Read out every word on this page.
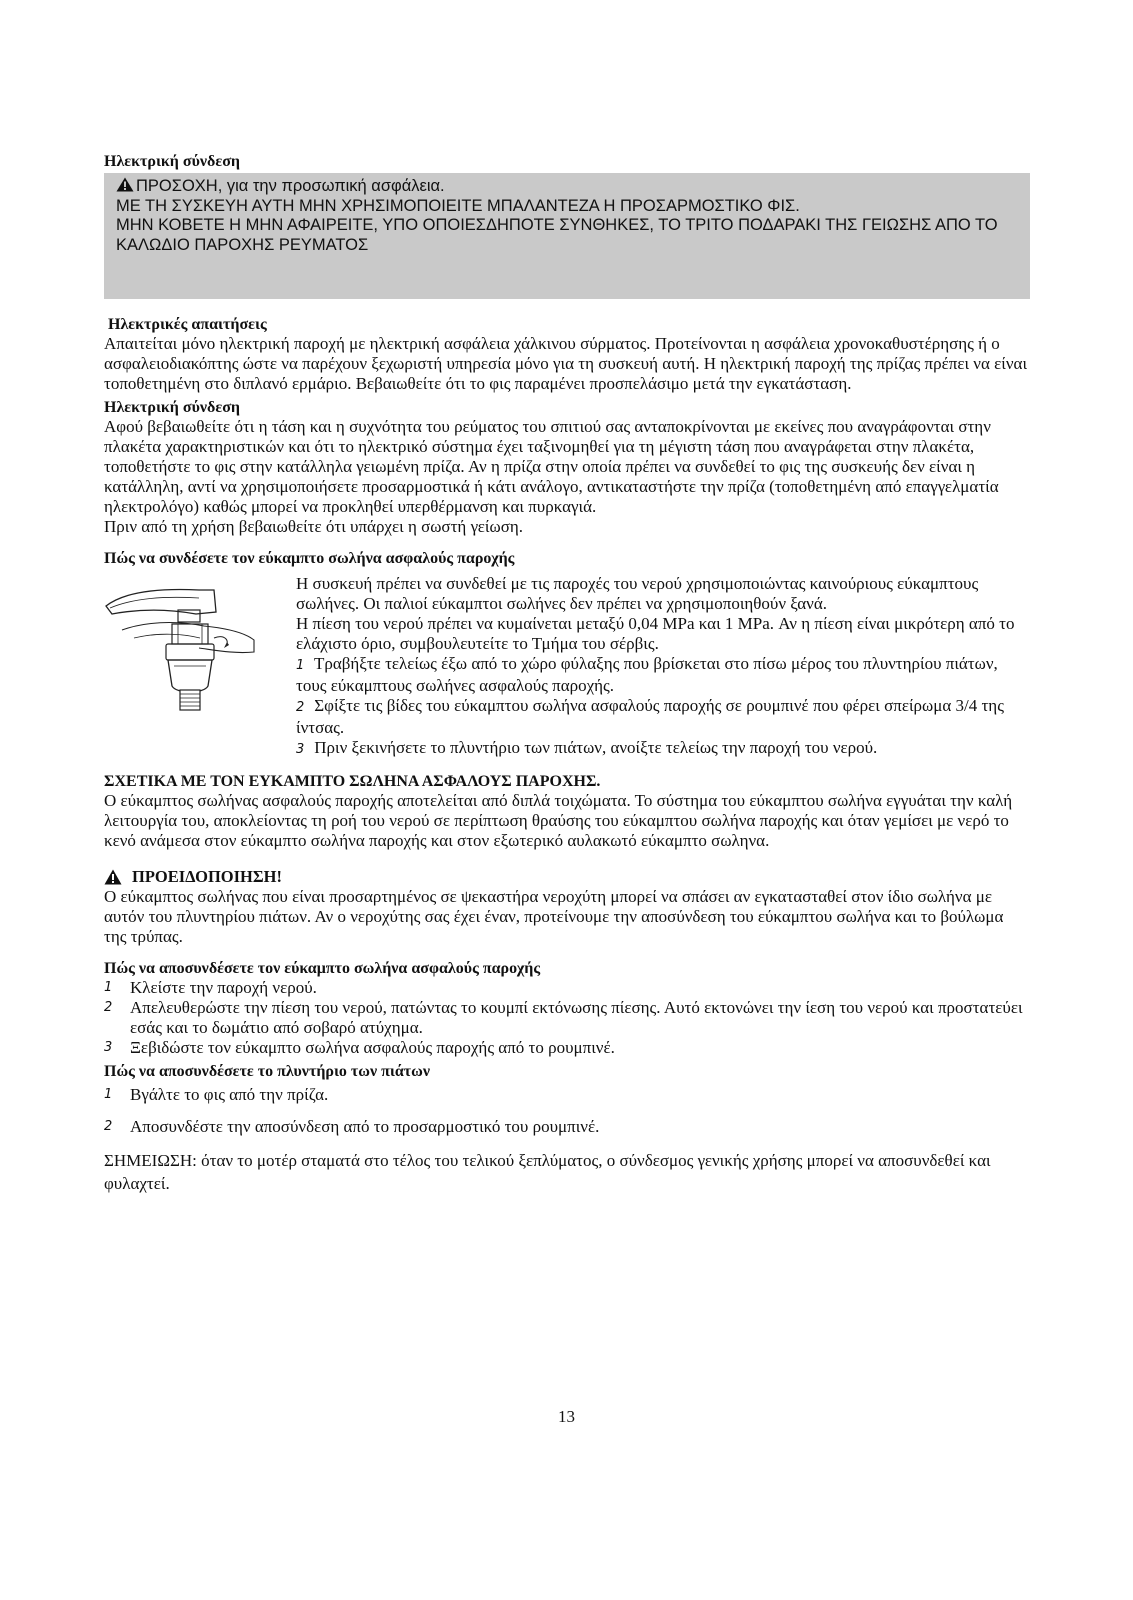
Ηλεκτρική σύνδεση

ΠΡΟΣΟΧΗ, για την προσωπική ασφάλεια.
ΜΕ ΤΗ ΣΥΣΚΕΥΗ ΑΥΤΗ ΜΗΝ ΧΡΗΣΙΜΟΠΟΙΕΙΤΕ ΜΠΑΛΑΝΤΕΖΑ Η ΠΡΟΣΑΡΜΟΣΤΙΚΟ ΦΙΣ.
ΜΗΝ ΚΟΒΕΤΕ Η ΜΗΝ ΑΦΑΙΡΕΙΤΕ, ΥΠΟ ΟΠΟΙΕΣΔΗΠΟΤΕ ΣΥΝΘΗΚΕΣ, ΤΟ ΤΡΙΤΟ ΠΟΔΑΡΑΚΙ ΤΗΣ ΓΕΙΩΣΗΣ ΑΠΟ ΤΟ ΚΑΛΩΔΙΟ ΠΑΡΟΧΗΣ ΡΕΥΜΑΤΟΣ

Ηλεκτρικές απαιτήσεις

Απαιτείται μόνο ηλεκτρική παροχή με ηλεκτρική ασφάλεια χάλκινου σύρματος. Προτείνονται η ασφάλεια χρονοκαθυστέρησης ή ο ασφαλειοδιακόπτης ώστε να παρέχουν ξεχωριστή υπηρεσία μόνο για τη συσκευή αυτή. Η ηλεκτρική παροχή της πρίζας πρέπει να είναι τοποθετημένη στο διπλανό ερμάριο. Βεβαιωθείτε ότι το φις παραμένει προσπελάσιμο μετά την εγκατάσταση.

Ηλεκτρική σύνδεση

Αφού βεβαιωθείτε ότι η τάση και η συχνότητα του ρεύματος του σπιτιού σας ανταποκρίνονται με εκείνες που αναγράφονται στην πλακέτα χαρακτηριστικών και ότι το ηλεκτρικό σύστημα έχει ταξινομηθεί για τη μέγιστη τάση που αναγράφεται στην πλακέτα, τοποθετήστε το φις στην κατάλληλα γειωμένη πρίζα. Αν η πρίζα στην οποία πρέπει να συνδεθεί το φις της συσκευής δεν είναι η κατάλληλη, αντί να χρησιμοποιήσετε προσαρμοστικά ή κάτι ανάλογο, αντικαταστήστε την πρίζα (τοποθετημένη από επαγγελματία ηλεκτρολόγο) καθώς μπορεί να προκληθεί υπερθέρμανση και πυρκαγιά.

Πριν από τη χρήση βεβαιωθείτε ότι υπάρχει η σωστή γείωση.

Πώς να συνδέσετε τον εύκαμπτο σωλήνα ασφαλούς παροχής

Η συσκευή πρέπει να συνδεθεί με τις παροχές του νερού χρησιμοποιώντας καινούριους εύκαμπτους σωλήνες. Οι παλιοί εύκαμπτοι σωλήνες δεν πρέπει να χρησιμοποιηθούν ξανά.

Η πίεση του νερού πρέπει να κυμαίνεται μεταξύ 0,04 MPa και 1 MPa. Αν η πίεση είναι μικρότερη από το ελάχιστο όριο, συμβουλευτείτε το Τμήμα του σέρβις.

1 Τραβήξτε τελείως έξω από το χώρο φύλαξης που βρίσκεται στο πίσω μέρος του πλυντηρίου πιάτων, τους εύκαμπτους σωλήνες ασφαλούς παροχής.

2 Σφίξτε τις βίδες του εύκαμπτου σωλήνα ασφαλούς παροχής σε ρουμπινέ που φέρει σπείρωμα 3/4 της ίντσας.

3 Πριν ξεκινήσετε το πλυντήριο των πιάτων, ανοίξτε τελείως την παροχή του νερού.

ΣΧΕΤΙΚΑ ΜΕ ΤΟΝ ΕΥΚΑΜΠΤΟ ΣΩΛΗΝΑ ΑΣΦΑΛΟΥΣ ΠΑΡΟΧΗΣ.

Ο εύκαμπτος σωλήνας ασφαλούς παροχής αποτελείται από διπλά τοιχώματα. Το σύστημα του εύκαμπτου σωλήνα εγγυάται την καλή λειτουργία του, αποκλείοντας τη ροή του νερού σε περίπτωση θραύσης του εύκαμπτου σωλήνα παροχής και όταν γεμίσει με νερό το κενό ανάμεσα στον εύκαμπτο σωλήνα παροχής και στον εξωτερικό αυλακωτό εύκαμπτο σωληνα.

ΠΡΟΕΙΔΟΠΟΙΗΣΗ!

Ο εύκαμπτος σωλήνας που είναι προσαρτημένος σε ψεκαστήρα νεροχύτη μπορεί να σπάσει αν εγκατασταθεί στον ίδιο σωλήνα με αυτόν του πλυντηρίου πιάτων. Αν ο νεροχύτης σας έχει έναν, προτείνουμε την αποσύνδεση του εύκαμπτου σωλήνα και το βούλωμα της τρύπας.

Πώς να αποσυνδέσετε τον εύκαμπτο σωλήνα ασφαλούς παροχής

1	Κλείστε την παροχή νερού.
2	Απελευθερώστε την πίεση του νερού, πατώντας το κουμπί εκτόνωσης πίεσης. Αυτό εκτονώνει την ίεση του νερού και προστατεύει εσάς και το δωμάτιο από σοβαρό ατύχημα.
3	Ξεβιδώστε τον εύκαμπτο σωλήνα ασφαλούς παροχής από το ρουμπινέ.

Πώς να αποσυνδέσετε το πλυντήριο των πιάτων

1	Βγάλτε το φις από την πρίζα.
2	Αποσυνδέστε την αποσύνδεση από το προσαρμοστικό του ρουμπινέ.

ΣΗΜΕΙΩΣΗ: όταν το μοτέρ σταματά στο τέλος του τελικού ξεπλύματος, ο σύνδεσμος γενικής χρήσης μπορεί να αποσυνδεθεί και φυλαχτεί.

13
